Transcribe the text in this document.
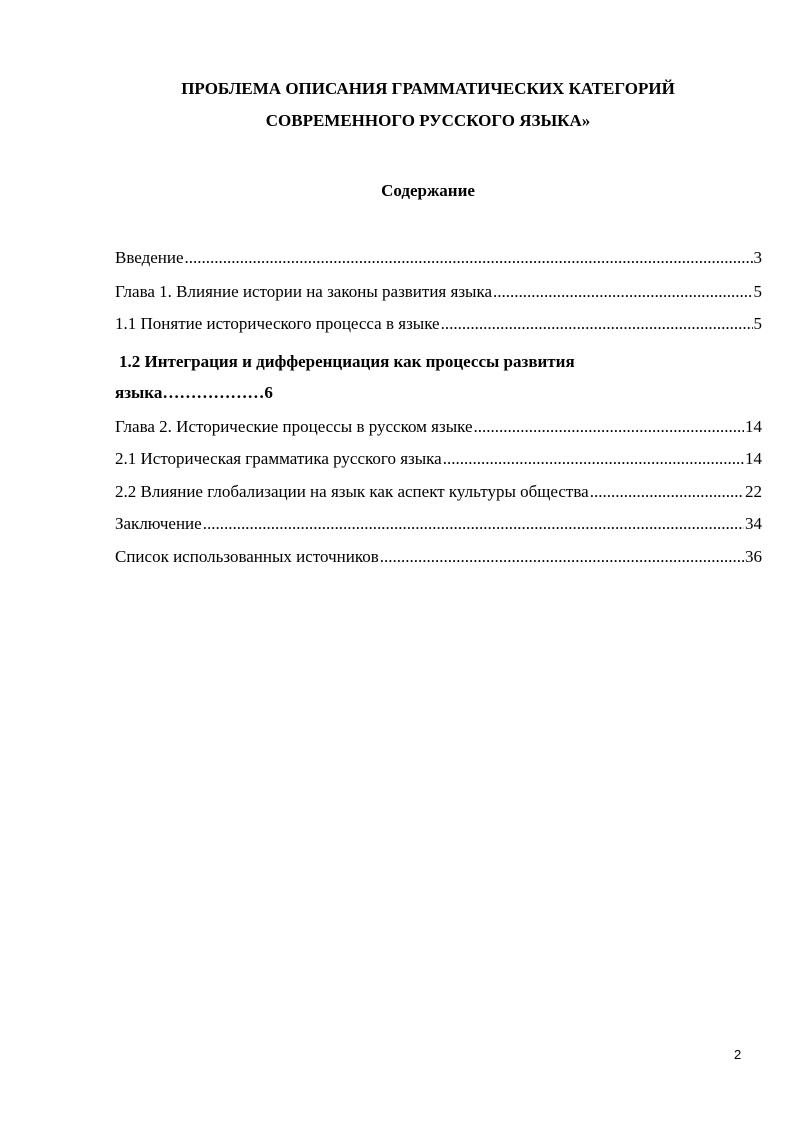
ПРОБЛЕМА ОПИСАНИЯ ГРАММАТИЧЕСКИХ КАТЕГОРИЙ
СОВРЕМЕННОГО РУССКОГО ЯЗЫКА»
Содержание
Введение .....	3
Глава 1. Влияние истории на законы развития языка .....	5
1.1 Понятие исторического процесса в языке .....	5
1.2 Интеграция и дифференциация как процессы развития
языка………………6
Глава 2. Исторические процессы в русском языке .....	14
2.1 Историческая грамматика русского языка .....	14
2.2 Влияние глобализации на язык как аспект культуры общества .....	22
Заключение .....	34
Список использованных источников .....	36
2
